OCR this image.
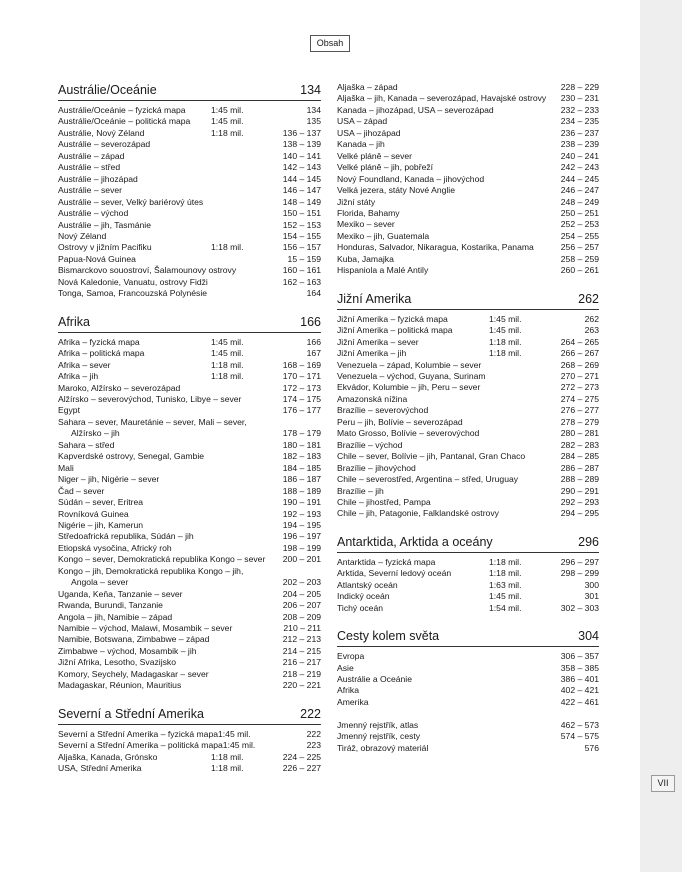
Obsah
VII
Austrálie/Oceánie	134
Austrálie/Oceánie – fyzická mapa	1:45 mil.	134
Austrálie/Oceánie – politická mapa	1:45 mil.	135
Austrálie, Nový Zéland	1:18 mil.	136 – 137
Austrálie – severozápad	138 – 139
Austrálie – západ	140 – 141
Austrálie – střed	142 – 143
Austrálie – jihozápad	144 – 145
Austrálie – sever	146 – 147
Austrálie – sever, Velký bariérový útes	148 – 149
Austrálie – východ	150 – 151
Austrálie – jih, Tasmánie	152 – 153
Nový Zéland	154 – 155
Ostrovy v jižním Pacifiku	1:18 mil.	156 – 157
Papua-Nová Guinea	15 – 159
Bismarckovo souostroví, Šalamounovy ostrovy	160 – 161
Nová Kaledonie, Vanuatu, ostrovy Fidži	162 – 163
Tonga, Samoa, Francouzská Polynésie	164
Afrika	166
Afrika – fyzická mapa	1:45 mil.	166
Afrika – politická mapa	1:45 mil.	167
Afrika – sever	1:18 mil.	168 – 169
Afrika – jih	1:18 mil.	170 – 171
Maroko, Alžírsko – severozápad	172 – 173
Alžírsko – severovýchod, Tunisko, Libye – sever	174 – 175
Egypt	176 – 177
Sahara – sever, Mauretánie – sever, Mali – sever,
Alžírsko – jih	178 – 179
Sahara – střed	180 – 181
Kapverdské ostrovy, Senegal, Gambie	182 – 183
Mali	184 – 185
Niger – jih, Nigérie – sever	186 – 187
Čad – sever	188 – 189
Súdán – sever, Eritrea	190 – 191
Rovníková Guinea	192 – 193
Nigérie – jih, Kamerun	194 – 195
Středoafrická republika, Súdán – jih	196 – 197
Etiopská vysočina, Africký roh	198 – 199
Kongo – sever, Demokratická republika Kongo – sever 200 – 201
Kongo – jih, Demokratická republika Kongo – jih,
Angola – sever	202 – 203
Uganda, Keňa, Tanzanie – sever	204 – 205
Rwanda, Burundi, Tanzanie	206 – 207
Angola – jih, Namibie – západ	208 – 209
Namibie – východ, Malawi, Mosambik – sever	210 – 211
Namibie, Botswana, Zimbabwe – západ	212 – 213
Zimbabwe – východ, Mosambik – jih	214 – 215
Jižní Afrika, Lesotho, Svazijsko	216 – 217
Komory, Seychely, Madagaskar – sever	218 – 219
Madagaskar, Réunion, Mauritius	220 – 221
Severní a Střední Amerika	222
Severní a Střední Amerika – fyzická mapa 1:45 mil.	222
Severní a Střední Amerika – politická mapa 1:45 mil.	223
Aljaška, Kanada, Grónsko	1:18 mil.	224 – 225
USA, Střední Amerika	1:18 mil.	226 – 227
Aljaška – západ	228 – 229
Aljaška – jih, Kanada – severozápad, Havajské ostrovy 230 – 231
Kanada – jihozápad, USA – severozápad	232 – 233
USA – západ	234 – 235
USA – jihozápad	236 – 237
Kanada – jih	238 – 239
Velké pláně – sever	240 – 241
Velké pláně – jih, pobřeží	242 – 243
Nový Foundland, Kanada – jihovýchod	244 – 245
Velká jezera, státy Nové Anglie	246 – 247
Jižní státy	248 – 249
Florida, Bahamy	250 – 251
Mexiko – sever	252 – 253
Mexiko – jih, Guatemala	254 – 255
Honduras, Salvador, Nikaragua, Kostarika, Panama	256 – 257
Kuba, Jamajka	258 – 259
Hispaniola a Malé Antily	260 – 261
Jižní Amerika	262
Jižní Amerika – fyzická mapa	1:45 mil.	262
Jižní Amerika – politická mapa	1:45 mil.	263
Jižní Amerika – sever	1:18 mil.	264 – 265
Jižní Amerika – jih	1:18 mil.	266 – 267
Venezuela – západ, Kolumbie – sever	268 – 269
Venezuela – východ, Guyana, Surinam	270 – 271
Ekvádor, Kolumbie – jih, Peru – sever	272 – 273
Amazonská nížina	274 – 275
Brazílie – severovýchod	276 – 277
Peru – jih, Bolívie – severozápad	278 – 279
Mato Grosso, Bolívie – severovýchod	280 – 281
Brazílie – východ	282 – 283
Chile – sever, Bolívie – jih, Pantanal, Gran Chaco	284 – 285
Brazílie – jihovýchod	286 – 287
Chile – severostřed, Argentina – střed, Uruguay	288 – 289
Brazílie – jih	290 – 291
Chile – jihostřed, Pampa	292 – 293
Chile – jih, Patagonie, Falklandské ostrovy	294 – 295
Antarktida, Arktida a oceány	296
Antarktida – fyzická mapa	1:18 mil.	296 – 297
Arktida, Severní ledový oceán	1:18 mil.	298 – 299
Atlantský oceán	1:63 mil.	300
Indický oceán	1:45 mil.	301
Tichý oceán	1:54 mil.	302 – 303
Cesty kolem světa	304
Evropa	306 – 357
Asie	358 – 385
Austrálie a Oceánie	386 – 401
Afrika	402 – 421
Amerika	422 – 461
Jmenný rejstřík, atlas	462 – 573
Jmenný rejstřík, cesty	574 – 575
Tiráž, obrazový materiál	576
